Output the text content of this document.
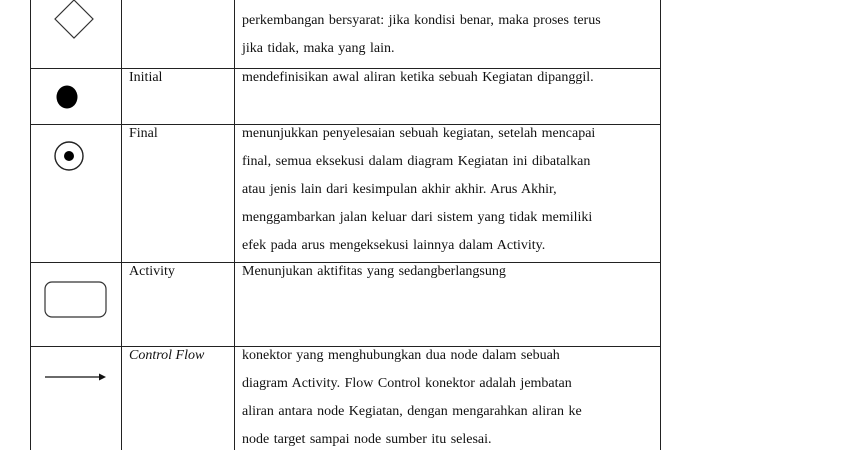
perkembangan bersyarat: jika kondisi benar, maka proses terus
jika tidak, maka yang lain.
Initial	mendefinisikan awal aliran ketika sebuah Kegiatan dipanggil.
Final	menunjukkan penyelesaian sebuah kegiatan, setelah mencapai
final, semua eksekusi dalam diagram Kegiatan ini dibatalkan
atau jenis lain dari kesimpulan akhir akhir. Arus Akhir,
menggambarkan jalan keluar dari sistem yang tidak memiliki
efek pada arus mengeksekusi lainnya dalam Activity.
Activity	Menunjukan aktifitas yang sedangberlangsung
Control Flow	konektor yang menghubungkan dua node dalam sebuah
diagram Activity. Flow Control konektor adalah jembatan
aliran antara node Kegiatan, dengan mengarahkan aliran ke
node target sampai node sumber itu selesai.
